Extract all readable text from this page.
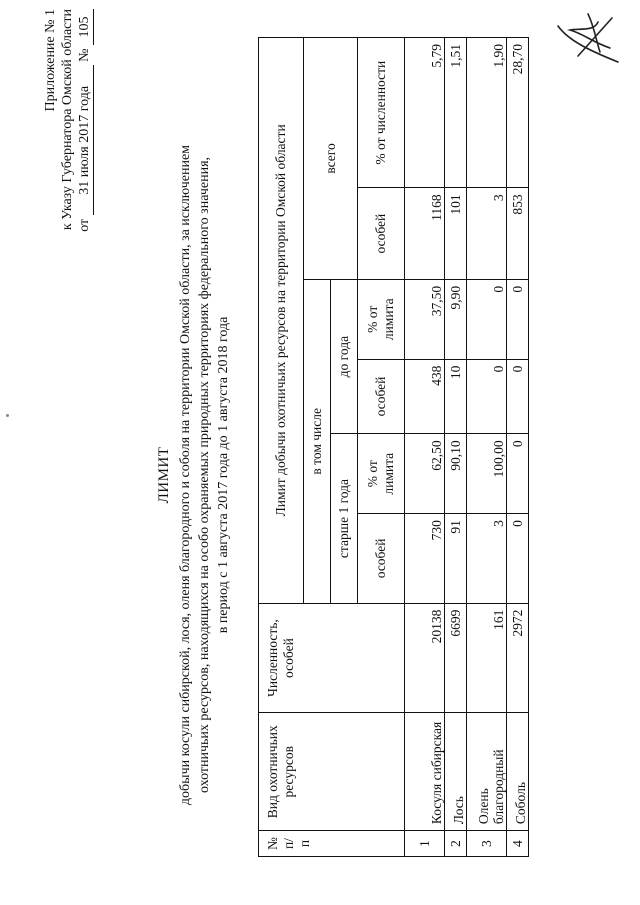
Приложение № 1 к Указу Губернатора Омской области от 31 июля 2017 года № 105
ЛИМИТ добычи косули сибирской, лося, оленя благородного и соболя на территории Омской области, за исключением охотничьих ресурсов, находящихся на особо охраняемых природных территориях федерального значения, в период с 1 августа 2017 года до 1 августа 2018 года
№ п/п	Вид охотничьих ресурсов	Численность, особей	Лимит добычи охотничьих ресурсов на территории Омской области					
			в том числе				всего	
			старше 1 года		до года			
			особей	% от лимита	особей	% от лимита	особей	% от численности
1	Косуля сибирская	20138	730	62,50	438	37,50	1168	5,79
2	Лось	6699	91	90,10	10	9,90	101	1,51
3	Олень благородный	161	3	100,00	0	0	3	1,90
4	Соболь	2972	0	0	0	0	853	28,70
